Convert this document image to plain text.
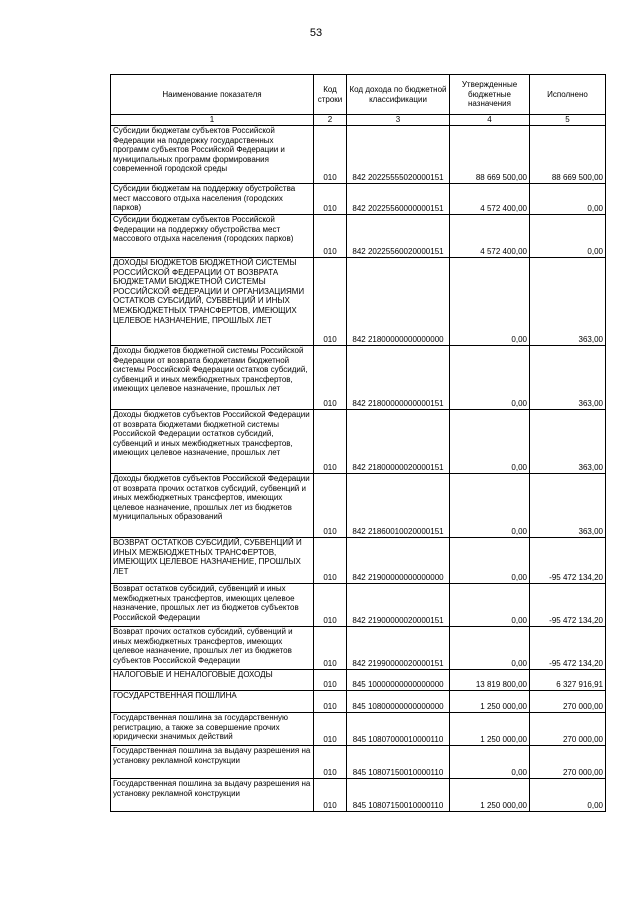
53
Наименование показателя	Код строки	Код дохода по бюджетной классификации	Утвержденные бюджетные назначения	Исполнено
1	2	3	4	5
Субсидии бюджетам субъектов Российской Федерации на поддержку государственных программ субъектов Российской Федерации и муниципальных программ формирования современной городской среды	010	842 20225555020000151	88 669 500,00	88 669 500,00
Субсидии бюджетам на поддержку обустройства мест массового отдыха населения (городских парков)	010	842 20225560000000151	4 572 400,00	0,00
Субсидии бюджетам субъектов Российской Федерации на поддержку обустройства мест массового отдыха населения (городских парков)	010	842 20225560020000151	4 572 400,00	0,00
ДОХОДЫ БЮДЖЕТОВ БЮДЖЕТНОЙ СИСТЕМЫ РОССИЙСКОЙ ФЕДЕРАЦИИ ОТ ВОЗВРАТА БЮДЖЕТАМИ БЮДЖЕТНОЙ СИСТЕМЫ РОССИЙСКОЙ ФЕДЕРАЦИИ И ОРГАНИЗАЦИЯМИ ОСТАТКОВ СУБСИДИЙ, СУБВЕНЦИЙ И ИНЫХ МЕЖБЮДЖЕТНЫХ ТРАНСФЕРТОВ, ИМЕЮЩИХ ЦЕЛЕВОЕ НАЗНАЧЕНИЕ, ПРОШЛЫХ ЛЕТ	010	842 21800000000000000	0,00	363,00
Доходы бюджетов бюджетной системы Российской Федерации от возврата бюджетами бюджетной системы Российской Федерации остатков субсидий, субвенций и иных межбюджетных трансфертов, имеющих целевое назначение, прошлых лет	010	842 21800000000000151	0,00	363,00
Доходы бюджетов субъектов Российской Федерации от возврата бюджетами бюджетной системы Российской Федерации остатков субсидий, субвенций и иных межбюджетных трансфертов, имеющих целевое назначение, прошлых лет	010	842 21800000020000151	0,00	363,00
Доходы бюджетов субъектов Российской Федерации от возврата прочих остатков субсидий, субвенций и иных межбюджетных трансфертов, имеющих целевое назначение, прошлых лет из бюджетов муниципальных образований	010	842 21860010020000151	0,00	363,00
ВОЗВРАТ ОСТАТКОВ СУБСИДИЙ, СУБВЕНЦИЙ И ИНЫХ МЕЖБЮДЖЕТНЫХ ТРАНСФЕРТОВ, ИМЕЮЩИХ ЦЕЛЕВОЕ НАЗНАЧЕНИЕ, ПРОШЛЫХ ЛЕТ	010	842 21900000000000000	0,00	-95 472 134,20
Возврат остатков субсидий, субвенций и иных межбюджетных трансфертов, имеющих целевое назначение, прошлых лет из бюджетов субъектов Российской Федерации	010	842 21900000020000151	0,00	-95 472 134,20
Возврат прочих остатков субсидий, субвенций и иных межбюджетных трансфертов, имеющих целевое назначение, прошлых лет из бюджетов субъектов Российской Федерации	010	842 21990000020000151	0,00	-95 472 134,20
НАЛОГОВЫЕ И НЕНАЛОГОВЫЕ ДОХОДЫ	010	845 10000000000000000	13 819 800,00	6 327 916,91
ГОСУДАРСТВЕННАЯ ПОШЛИНА	010	845 10800000000000000	1 250 000,00	270 000,00
Государственная пошлина за государственную регистрацию, а также за совершение прочих юридически значимых действий	010	845 10807000010000110	1 250 000,00	270 000,00
Государственная пошлина за выдачу разрешения на установку рекламной конструкции	010	845 10807150010000110	0,00	270 000,00
Государственная пошлина за выдачу разрешения на установку рекламной конструкции	010	845 10807150010000110	1 250 000,00	0,00
